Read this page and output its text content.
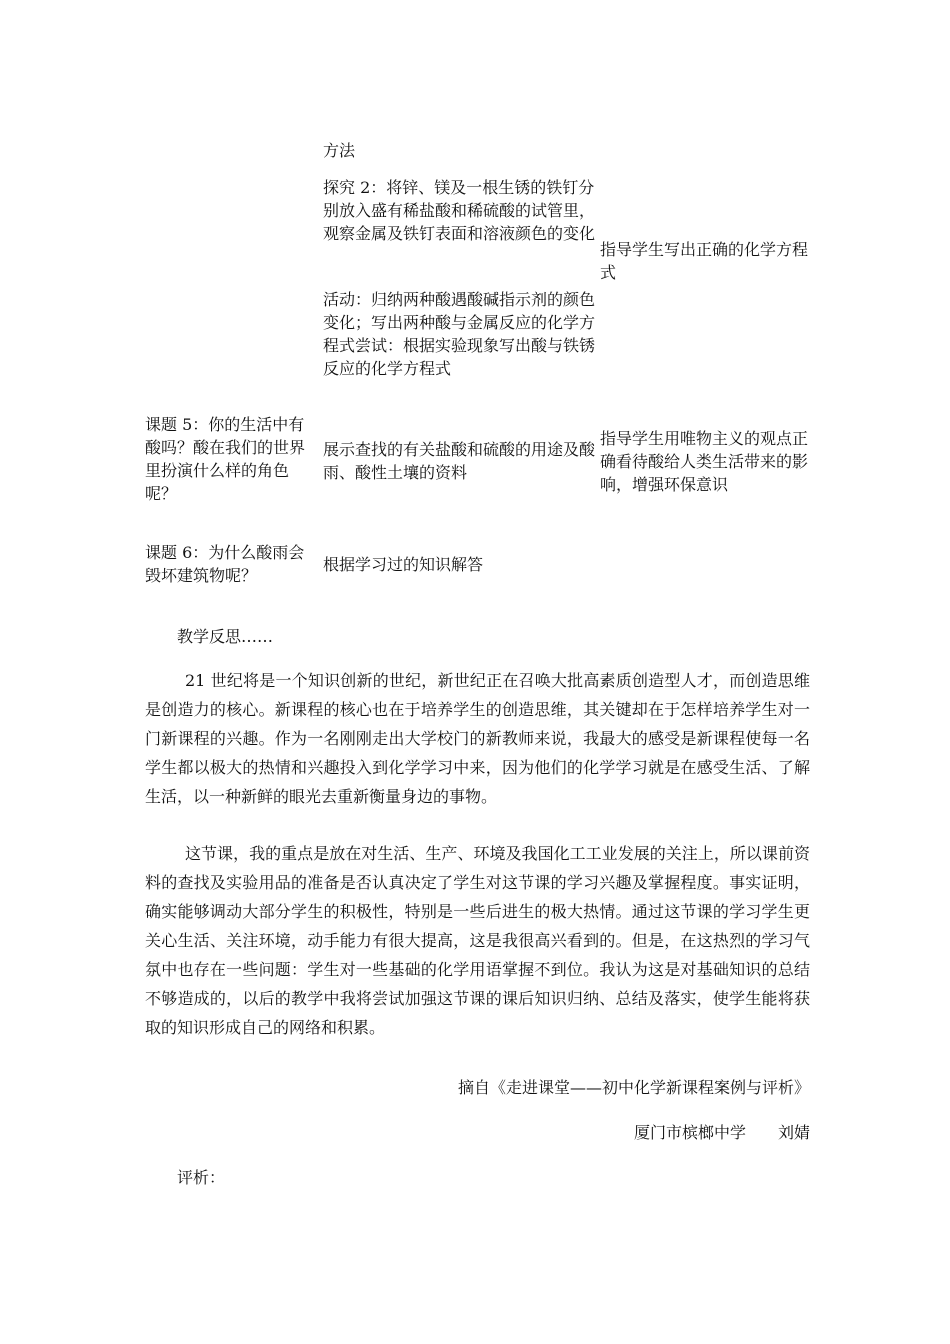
方法
探究 2：将锌、镁及一根生锈的铁钉分别放入盛有稀盐酸和稀硫酸的试管里，观察金属及铁钉表面和溶液颜色的变化
活动：归纳两种酸遇酸碱指示剂的颜色变化；写出两种酸与金属反应的化学方程式尝试：根据实验现象写出酸与铁锈反应的化学方程式
指导学生写出正确的化学方程式
课题 5：你的生活中有酸吗？酸在我们的世界里扮演什么样的角色呢？
展示查找的有关盐酸和硫酸的用途及酸雨、酸性土壤的资料
指导学生用唯物主义的观点正确看待酸给人类生活带来的影响，增强环保意识
课题 6：为什么酸雨会毁坏建筑物呢？
根据学习过的知识解答
教学反思……
21 世纪将是一个知识创新的世纪，新世纪正在召唤大批高素质创造型人才，而创造思维是创造力的核心。新课程的核心也在于培养学生的创造思维，其关键却在于怎样培养学生对一门新课程的兴趣。作为一名刚刚走出大学校门的新教师来说，我最大的感受是新课程使每一名学生都以极大的热情和兴趣投入到化学学习中来，因为他们的化学学习就是在感受生活、了解生活，以一种新鲜的眼光去重新衡量身边的事物。
这节课，我的重点是放在对生活、生产、环境及我国化工工业发展的关注上，所以课前资料的查找及实验用品的准备是否认真决定了学生对这节课的学习兴趣及掌握程度。事实证明，确实能够调动大部分学生的积极性，特别是一些后进生的极大热情。通过这节课的学习学生更关心生活、关注环境，动手能力有很大提高，这是我很高兴看到的。但是，在这热烈的学习气氛中也存在一些问题：学生对一些基础的化学用语掌握不到位。我认为这是对基础知识的总结不够造成的，以后的教学中我将尝试加强这节课的课后知识归纳、总结及落实，使学生能将获取的知识形成自己的网络和积累。
摘自《走进课堂——初中化学新课程案例与评析》
厦门市槟榔中学　　刘婧
评析：
